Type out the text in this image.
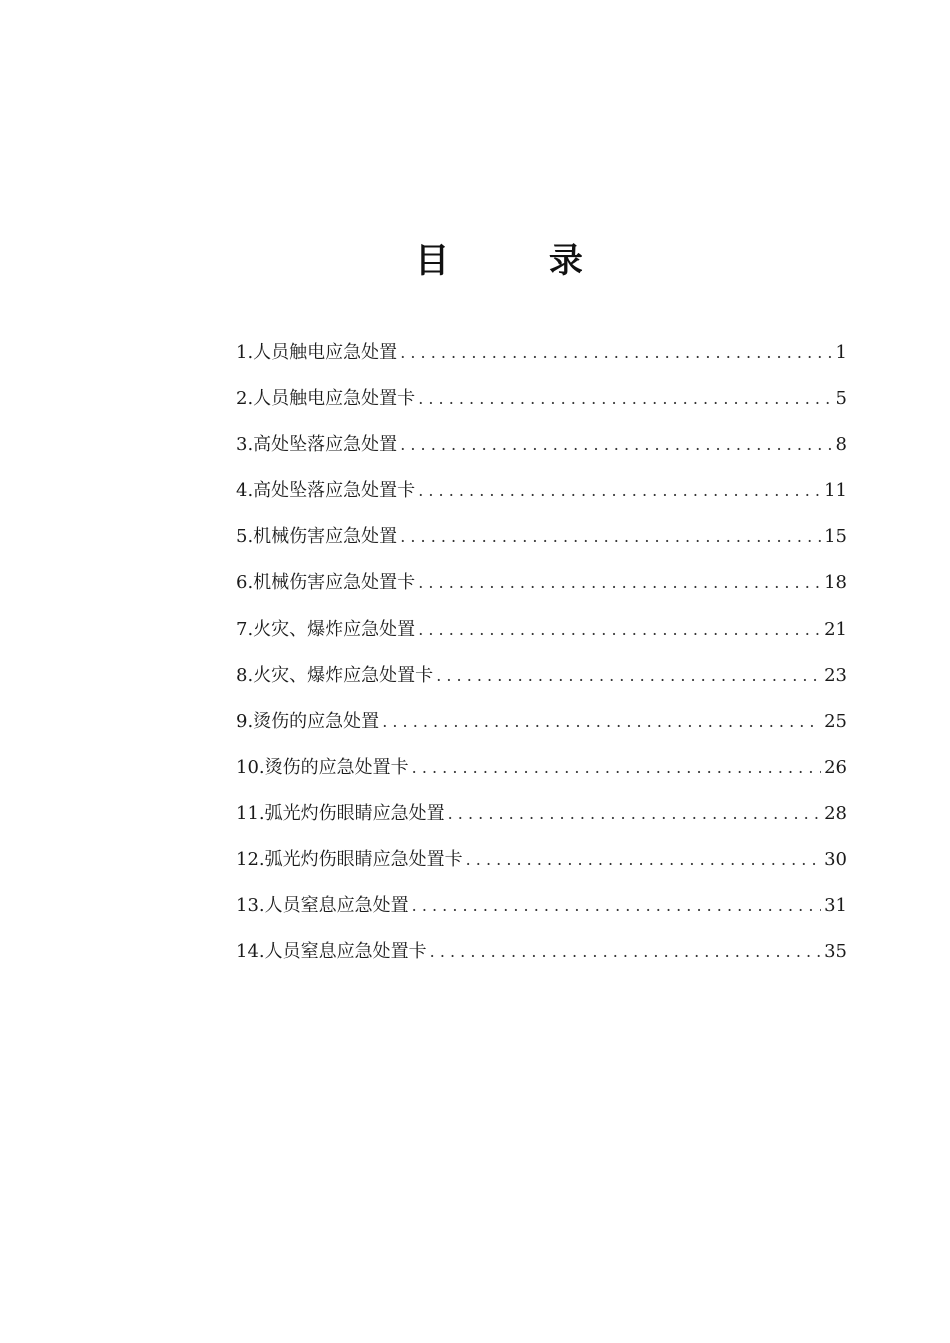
目 录
1.人员触电应急处置 . . .	1
2.人员触电应急处置卡 . . .	5
3.高处坠落应急处置 . . .	8
4.高处坠落应急处置卡 . . .	11
5.机械伤害应急处置 . . .	15
6.机械伤害应急处置卡 . . .	18
7.火灾、爆炸应急处置 . . .	21
8.火灾、爆炸应急处置卡 . . .	23
9.烫伤的应急处置 . . .	25
10.烫伤的应急处置卡 . . .	26
11.弧光灼伤眼睛应急处置 . . .	28
12.弧光灼伤眼睛应急处置卡 . . .	30
13.人员窒息应急处置 . . .	31
14.人员窒息应急处置卡 . . .	35
